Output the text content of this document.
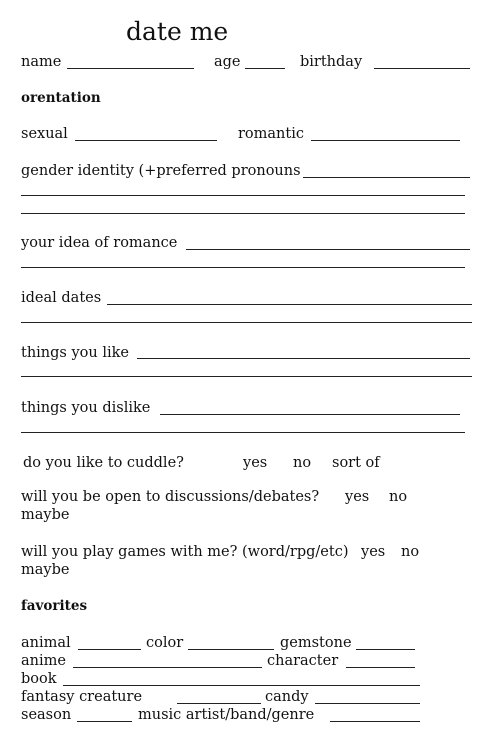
date me
name	age	birthday
orentation
sexual	romantic
gender identity (+preferred pronouns
your idea of romance
ideal dates
things you like
things you dislike
do you like to cuddle?	yes no sort of
will you be open to discussions/debates? yes no
maybe
will you play games with me? (word/rpg/etc) yes no
maybe
favorites
animal	color	gemstone
anime	character
book
fantasy creature	candy
season	music artist/band/genre
